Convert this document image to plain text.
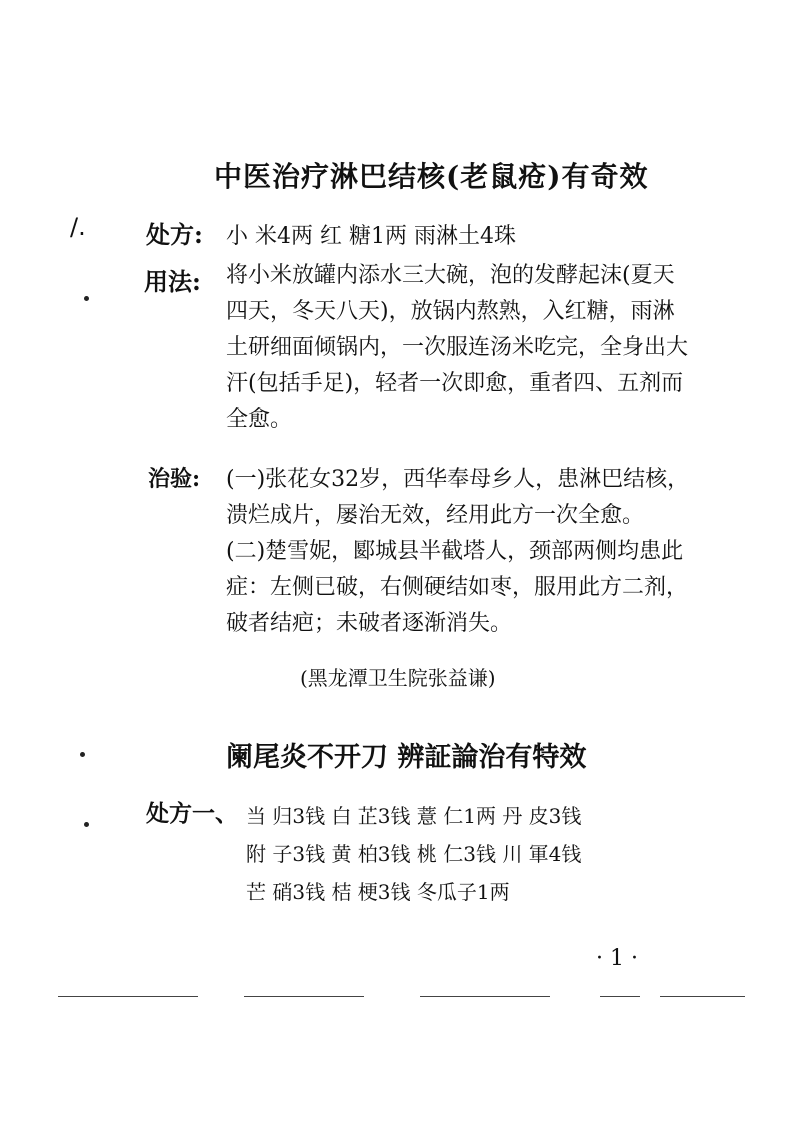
/.
中医治疗淋巴结核(老鼠疮)有奇效
处方: 小 米4两 红 糖1两 雨淋土4珠
用法: 将小米放罐内添水三大碗，泡的发酵起沫(夏天四天，冬天八天)，放锅内熬熟，入红糖，雨淋土研细面倾锅内，一次服连汤米吃完，全身出大汗(包括手足)，轻者一次即愈，重者四、五剂而全愈。
治验: (一)张花女32岁，西华奉母乡人，患淋巴结核，溃烂成片，屡治无效，经用此方一次全愈。

(二)楚雪妮，郾城县半截塔人，颈部两侧均患此症：左侧已破，右侧硬结如枣，服用此方二剂，破者结疤；未破者逐渐消失。

(黑龙潭卫生院张益谦)
阑尾炎不开刀 辨証論治有特效
处方一、 当 归3钱 白 芷3钱 薏 仁1两 丹 皮3钱
附 子3钱 黄 柏3钱 桃 仁3钱 川 軍4钱
芒 硝3钱 桔 梗3钱 冬瓜子1两
· 1 ·
